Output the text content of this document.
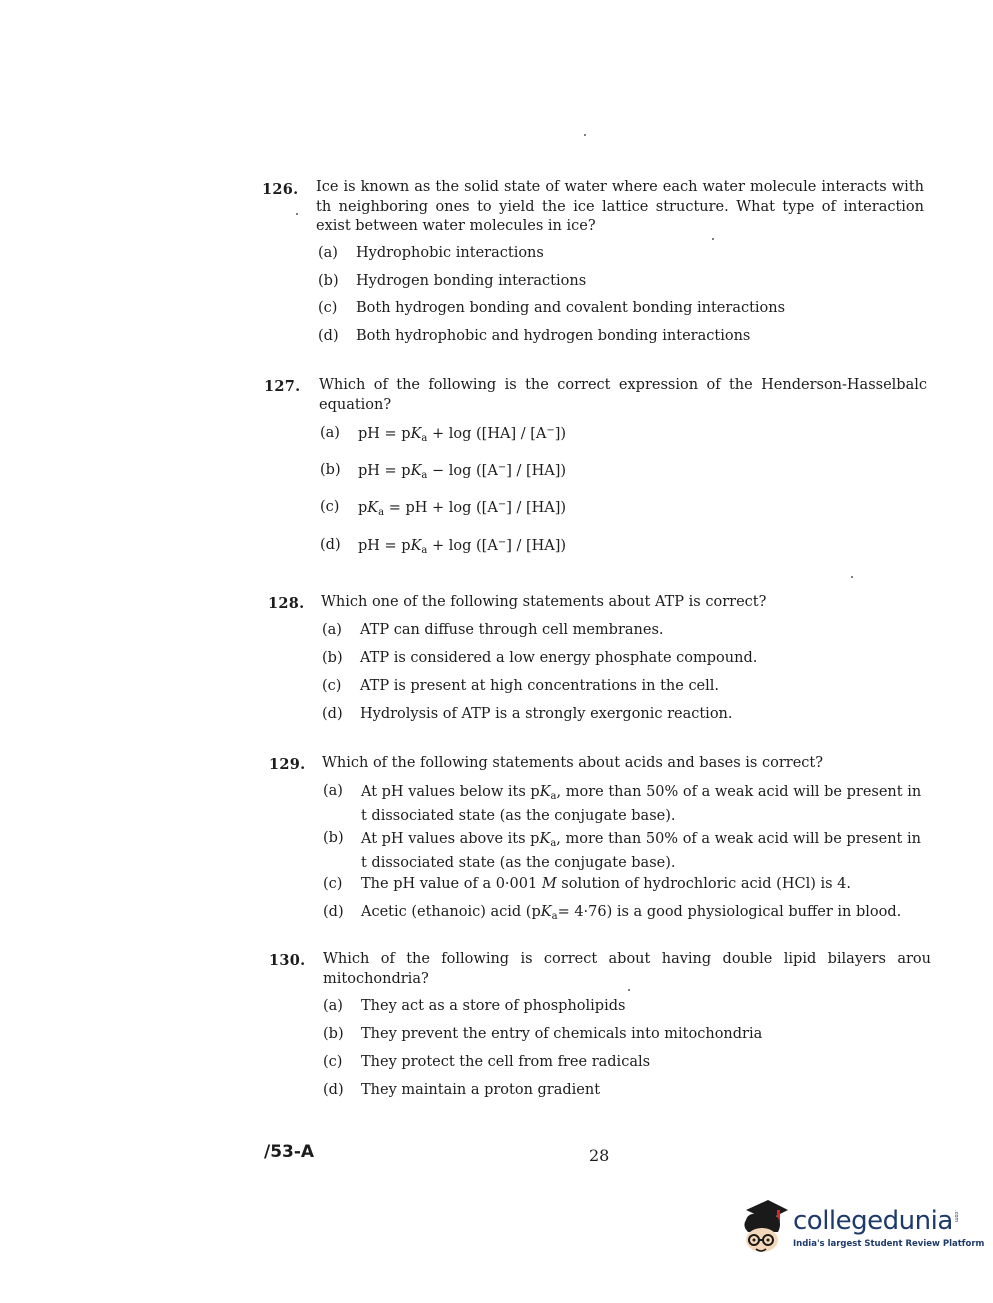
126. Ice is known as the solid state of water where each water molecule interacts with th neighboring ones to yield the ice lattice structure. What type of interaction exist between water molecules in ice?
(a) Hydrophobic interactions
(b) Hydrogen bonding interactions
(c) Both hydrogen bonding and covalent bonding interactions
(d) Both hydrophobic and hydrogen bonding interactions
127. Which of the following is the correct expression of the Henderson-Hasselbalc equation?
(a) pH = $pK_a + \log ([HA] / [A^-])$
(b) pH = $pK_a - \log ([A^-] / [HA])$
(c) $pK_a$ = pH + log ([A−] / [HA])
(d) pH = $pK_a + \log ([A^-] / [HA])$
128. Which one of the following statements about ATP is correct?
(a) ATP can diffuse through cell membranes.
(b) ATP is considered a low energy phosphate compound.
(c) ATP is present at high concentrations in the cell.
(d) Hydrolysis of ATP is a strongly exergonic reaction.
129. Which of the following statements about acids and bases is correct?
(a) At pH values below its $pK_a$, more than 50% of a weak acid will be present in t dissociated state (as the conjugate base).
(b) At pH values above its $pK_a$, more than 50% of a weak acid will be present in t dissociated state (as the conjugate base).
(c) The pH value of a 0·001 M solution of hydrochloric acid (HCl) is 4.
(d) Acetic (ethanoic) acid $(pK_a= 4\cdot 76)$ is a good physiological buffer in blood.
130. Which of the following is correct about having double lipid bilayers arou mitochondria?
(a) They act as a store of phospholipids
(b) They prevent the entry of chemicals into mitochondria
(c) They protect the cell from free radicals
(d) They maintain a proton gradient
/53-A	28
collegedunia .com
India's largest Student Review Platform
